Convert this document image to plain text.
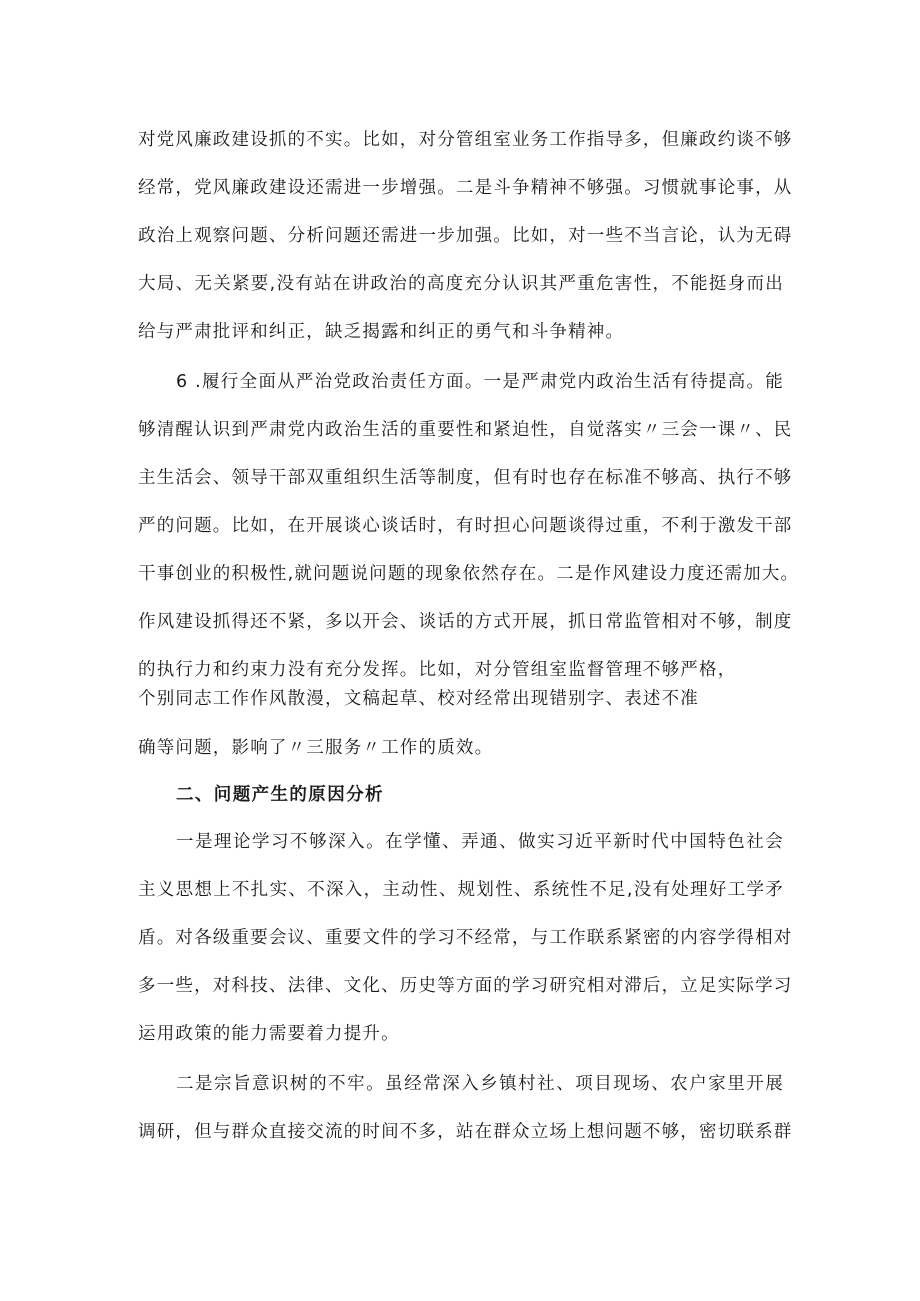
对党风廉政建设抓的不实。比如，对分管组室业务工作指导多，但廉政约谈不够
经常，党风廉政建设还需进一步增强。二是斗争精神不够强。习惯就事论事，从
政治上观察问题、分析问题还需进一步加强。比如，对一些不当言论，认为无碍
大局、无关紧要,没有站在讲政治的高度充分认识其严重危害性，不能挺身而出
给与严肃批评和纠正，缺乏揭露和纠正的勇气和斗争精神。
6 .履行全面从严治党政治责任方面。一是严肃党内政治生活有待提高。能
够清醒认识到严肃党内政治生活的重要性和紧迫性，自觉落实〃三会一课〃、民
主生活会、领导干部双重组织生活等制度，但有时也存在标准不够高、执行不够
严的问题。比如，在开展谈心谈话时，有时担心问题谈得过重，不利于激发干部
干事创业的积极性,就问题说问题的现象依然存在。二是作风建设力度还需加大。
作风建设抓得还不紧，多以开会、谈话的方式开展，抓日常监管相对不够，制度
的执行力和约束力没有充分发挥。比如，对分管组室监督管理不够严格，
个别同志工作作风散漫，文稿起草、校对经常出现错别字、表述不准
确等问题，影响了〃三服务〃工作的质效。
二、问题产生的原因分析
一是理论学习不够深入。在学懂、弄通、做实习近平新时代中国特色社会
主义思想上不扎实、不深入，主动性、规划性、系统性不足,没有处理好工学矛
盾。对各级重要会议、重要文件的学习不经常，与工作联系紧密的内容学得相对
多一些，对科技、法律、文化、历史等方面的学习研究相对滞后，立足实际学习
运用政策的能力需要着力提升。
二是宗旨意识树的不牢。虽经常深入乡镇村社、项目现场、农户家里开展
调研，但与群众直接交流的时间不多，站在群众立场上想问题不够，密切联系群
